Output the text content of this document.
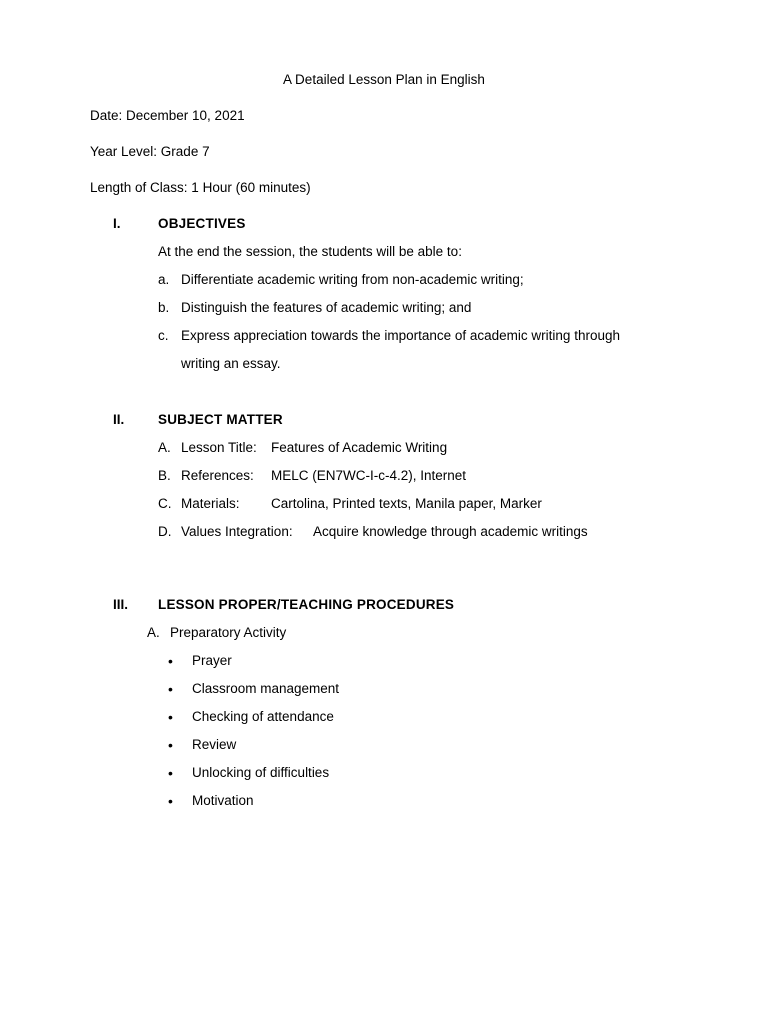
A Detailed Lesson Plan in English
Date: December 10, 2021
Year Level: Grade 7
Length of Class: 1 Hour (60 minutes)
I.	OBJECTIVES
At the end the session, the students will be able to:
a. Differentiate academic writing from non-academic writing;
b. Distinguish the features of academic writing; and
c. Express appreciation towards the importance of academic writing through
writing an essay.
II. SUBJECT MATTER
A. Lesson Title: Features of Academic Writing
B. References: MELC (EN7WC-I-c-4.2), Internet
C. Materials: Cartolina, Printed texts, Manila paper, Marker
D. Values Integration: Acquire knowledge through academic writings
III. LESSON PROPER/TEACHING PROCEDURES
A. Preparatory Activity
• Prayer
• Classroom management
• Checking of attendance
• Review
• Unlocking of difficulties
• Motivation
